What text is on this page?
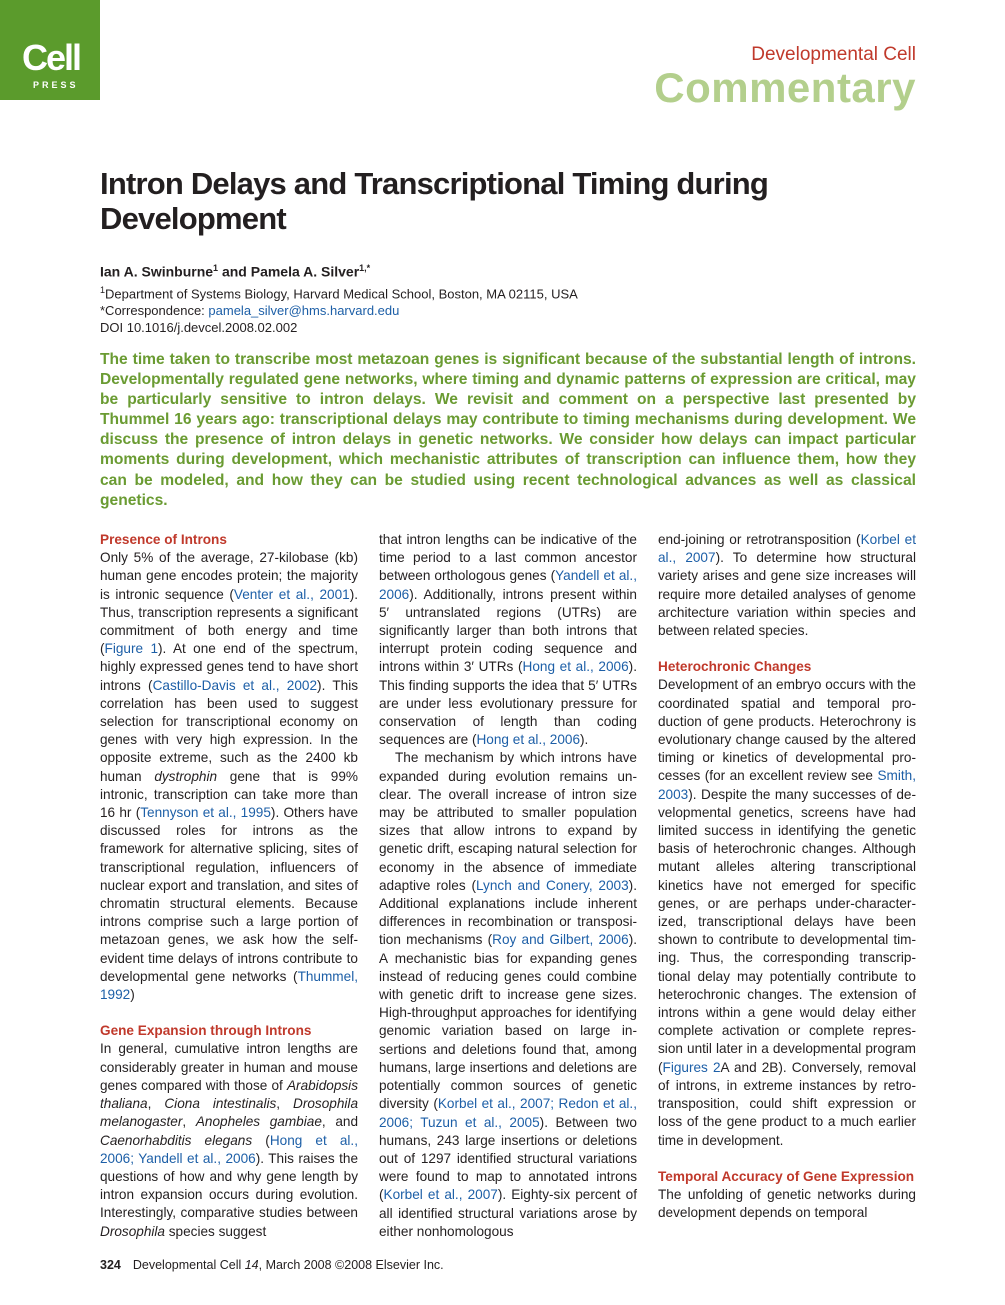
Cell
PRESS
Developmental Cell
Commentary
Intron Delays and Transcriptional Timing during Development
Ian A. Swinburne$^1$ and Pamela A. Silver$^{1,*}$
$^1$Department of Systems Biology, Harvard Medical School, Boston, MA 02115, USA
*Correspondence: pamela_silver@hms.harvard.edu
DOI 10.1016/j.devcel.2008.02.002
The time taken to transcribe most metazoan genes is significant because of the substantial length of introns. Developmentally regulated gene networks, where timing and dynamic patterns of expression are critical, may be particularly sensitive to intron delays. We revisit and comment on a perspective last presented by Thummel 16 years ago: transcriptional delays may contribute to timing mechanisms during development. We discuss the presence of intron delays in genetic networks. We consider how delays can impact particular moments during development, which mechanistic attributes of transcription can influence them, how they can be modeled, and how they can be studied using recent technological advances as well as classical genetics.
Presence of Introns

Only 5% of the average, 27-kilobase (kb) human gene encodes protein; the majority is intronic sequence (Venter et al., 2001). Thus, transcription represents a significant commitment of both energy and time (Figure 1). At one end of the spectrum, highly expressed genes tend to have short introns (Castillo-Davis et al., 2002). This correlation has been used to suggest selection for transcriptional economy on genes with very high expression. In the opposite extreme, such as the 2400 kb human dystrophin gene that is 99% intronic, transcription can take more than 16 hr (Tennyson et al., 1995). Others have discussed roles for introns as the framework for alternative splicing, sites of transcriptional regulation, influencers of nuclear export and translation, and sites of chromatin structural elements. Because introns comprise such a large portion of metazoan genes, we ask how the self-evident time delays of introns contribute to developmental gene networks (Thummel, 1992)

Gene Expansion through Introns

In general, cumulative intron lengths are considerably greater in human and mouse genes compared with those of Arabidopsis thaliana, Ciona intestinalis, Drosophila melanogaster, Anopheles gambiae, and Caenorhabditis elegans (Hong et al., 2006; Yandell et al., 2006). This raises the questions of how and why gene length by intron expansion occurs during evolution. Interestingly, comparative studies between Drosophila species suggest

that intron lengths can be indicative of the time period to a last common ancestor between orthologous genes (Yandell et al., 2006). Additionally, introns present within 5′ untranslated regions (UTRs) are significantly larger than both introns that interrupt protein coding sequence and introns within 3′ UTRs (Hong et al., 2006). This finding supports the idea that 5′ UTRs are under less evolutionary pressure for conservation of length than coding sequences are (Hong et al., 2006).

The mechanism by which introns have expanded during evolution remains unclear. The overall increase of intron size may be attributed to smaller population sizes that allow introns to expand by genetic drift, escaping natural selection for economy in the absence of immediate adaptive roles (Lynch and Conery, 2003). Additional explanations include inherent differences in recombination or transposition mechanisms (Roy and Gilbert, 2006). A mechanistic bias for expanding genes instead of reducing genes could combine with genetic drift to increase gene sizes. High-throughput approaches for identifying genomic variation based on large insertions and deletions found that, among humans, large insertions and deletions are potentially common sources of genetic diversity (Korbel et al., 2007; Redon et al., 2006; Tuzun et al., 2005). Between two humans, 243 large insertions or deletions out of 1297 identified structural variations were found to map to annotated introns (Korbel et al., 2007). Eighty-six percent of all identified structural variations arose by either nonhomologous

end-joining or retrotransposition (Korbel et al., 2007). To determine how structural variety arises and gene size increases will require more detailed analyses of genome architecture variation within species and between related species.

Heterochronic Changes

Development of an embryo occurs with the coordinated spatial and temporal production of gene products. Heterochrony is evolutionary change caused by the altered timing or kinetics of developmental processes (for an excellent review see Smith, 2003). Despite the many successes of developmental genetics, screens have had limited success in identifying the genetic basis of heterochronic changes. Although mutant alleles altering transcriptional kinetics have not emerged for specific genes, or are perhaps under-characterized, transcriptional delays have been shown to contribute to developmental timing. Thus, the corresponding transcriptional delay may potentially contribute to heterochronic changes. The extension of introns within a gene would delay either complete activation or complete repression until later in a developmental program (Figures 2A and 2B). Conversely, removal of introns, in extreme instances by retrotransposition, could shift expression or loss of the gene product to a much earlier time in development.

Temporal Accuracy of Gene Expression

The unfolding of genetic networks during development depends on temporal

324 Developmental Cell 14, March 2008 ©2008 Elsevier Inc.
